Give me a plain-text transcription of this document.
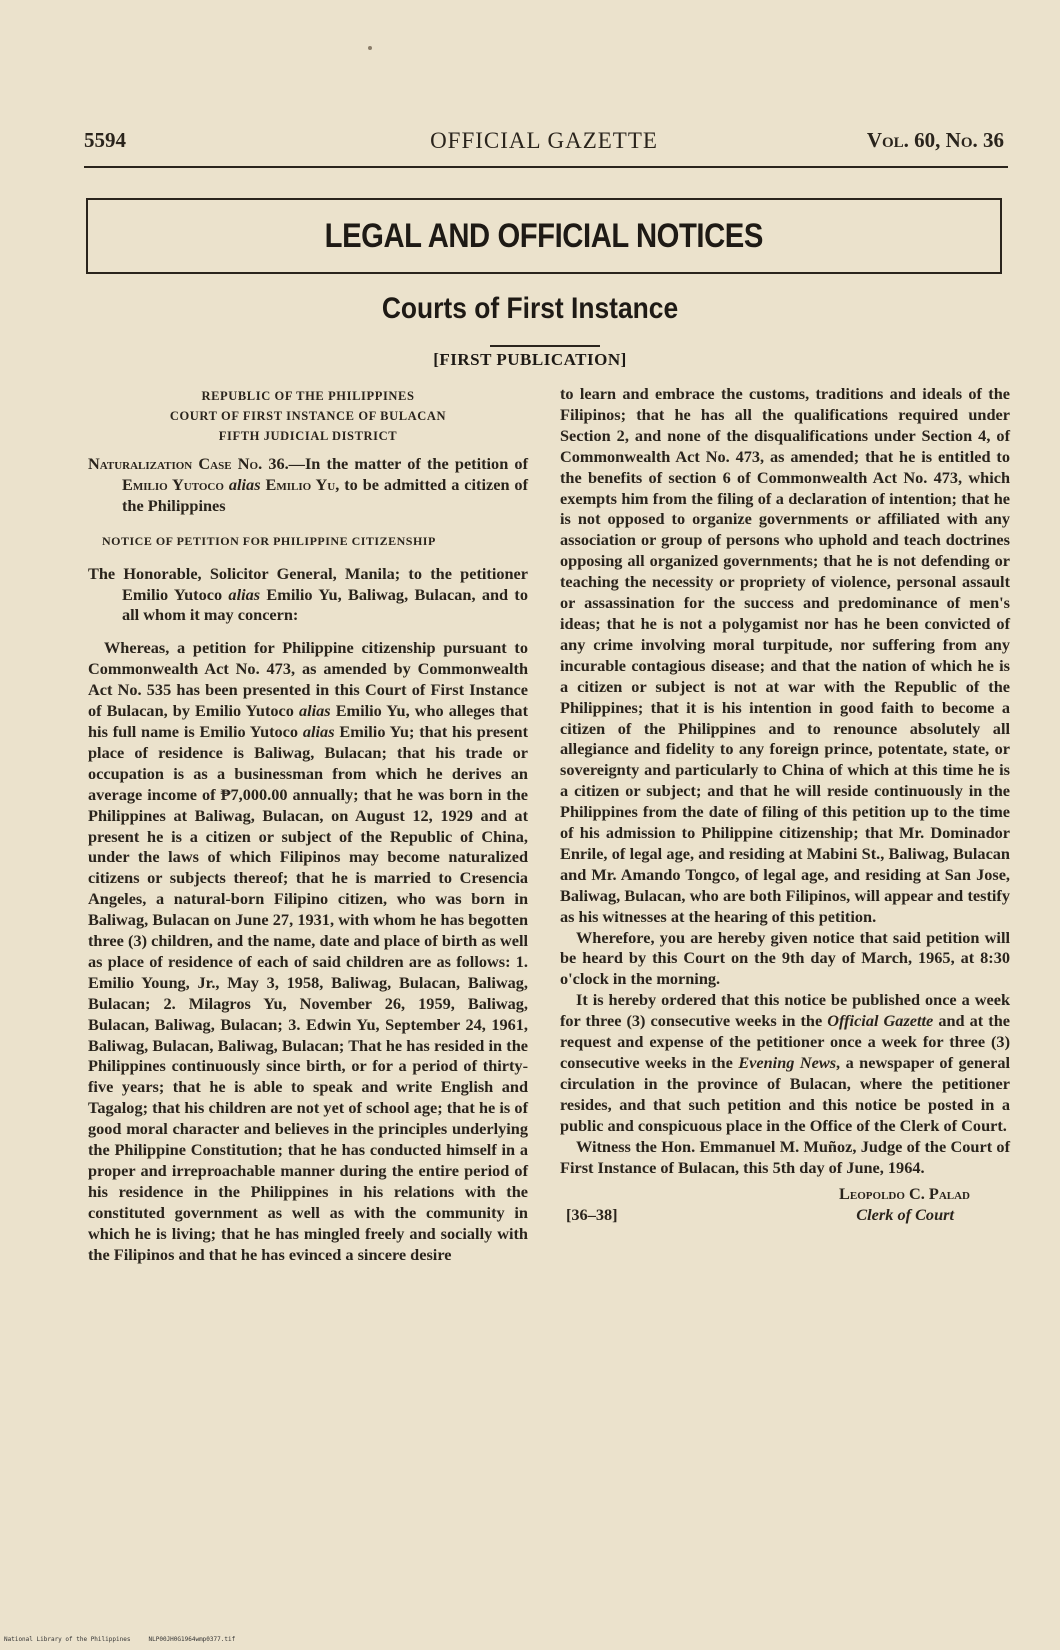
5594	OFFICIAL GAZETTE	Vol. 60, No. 36
LEGAL AND OFFICIAL NOTICES
Courts of First Instance
[FIRST PUBLICATION]
REPUBLIC OF THE PHILIPPINES
COURT OF FIRST INSTANCE OF BULACAN
FIFTH JUDICIAL DISTRICT

Naturalization Case No. 36.—In the matter of the petition of Emilio Yutoco alias Emilio Yu, to be admitted a citizen of the Philippines

NOTICE OF PETITION FOR PHILIPPINE CITIZENSHIP

The Honorable, Solicitor General, Manila; to the petitioner Emilio Yutoco alias Emilio Yu, Baliwag, Bulacan, and to all whom it may concern:

Whereas, a petition for Philippine citizenship pursuant to Commonwealth Act No. 473, as amended by Commonwealth Act No. 535 has been presented in this Court of First Instance of Bulacan, by Emilio Yutoco alias Emilio Yu, who alleges that his full name is Emilio Yutoco alias Emilio Yu; that his present place of residence is Baliwag, Bulacan; that his trade or occupation is as a businessman from which he derives an average income of ₱7,000.00 annually; that he was born in the Philippines at Baliwag, Bulacan, on August 12, 1929 and at present he is a citizen or subject of the Republic of China, under the laws of which Filipinos may become naturalized citizens or subjects thereof; that he is married to Cresencia Angeles, a natural-born Filipino citizen, who was born in Baliwag, Bulacan on June 27, 1931, with whom he has begotten three (3) children, and the name, date and place of birth as well as place of residence of each of said children are as follows: 1. Emilio Young, Jr., May 3, 1958, Baliwag, Bulacan, Baliwag, Bulacan; 2. Milagros Yu, November 26, 1959, Baliwag, Bulacan, Baliwag, Bulacan; 3. Edwin Yu, September 24, 1961, Baliwag, Bulacan, Baliwag, Bulacan; That he has resided in the Philippines continuously since birth, or for a period of thirty-five years; that he is able to speak and write English and Tagalog; that his children are not yet of school age; that he is of good moral character and believes in the principles underlying the Philippine Constitution; that he has conducted himself in a proper and irreproachable manner during the entire period of his residence in the Philippines in his relations with the constituted government as well as with the community in which he is living; that he has mingled freely and socially with the Filipinos and that he has evinced a sincere desire

to learn and embrace the customs, traditions and ideals of the Filipinos; that he has all the qualifications required under Section 2, and none of the disqualifications under Section 4, of Commonwealth Act No. 473, as amended; that he is entitled to the benefits of section 6 of Commonwealth Act No. 473, which exempts him from the filing of a declaration of intention; that he is not opposed to organize governments or affiliated with any association or group of persons who uphold and teach doctrines opposing all organized governments; that he is not defending or teaching the necessity or propriety of violence, personal assault or assassination for the success and predominance of men's ideas; that he is not a polygamist nor has he been convicted of any crime involving moral turpitude, nor suffering from any incurable contagious disease; and that the nation of which he is a citizen or subject is not at war with the Republic of the Philippines; that it is his intention in good faith to become a citizen of the Philippines and to renounce absolutely all allegiance and fidelity to any foreign prince, potentate, state, or sovereignty and particularly to China of which at this time he is a citizen or subject; and that he will reside continuously in the Philippines from the date of filing of this petition up to the time of his admission to Philippine citizenship; that Mr. Dominador Enrile, of legal age, and residing at Mabini St., Baliwag, Bulacan and Mr. Amando Tongco, of legal age, and residing at San Jose, Baliwag, Bulacan, who are both Filipinos, will appear and testify as his witnesses at the hearing of this petition.

Wherefore, you are hereby given notice that said petition will be heard by this Court on the 9th day of March, 1965, at 8:30 o'clock in the morning.

It is hereby ordered that this notice be published once a week for three (3) consecutive weeks in the Official Gazette and at the request and expense of the petitioner once a week for three (3) consecutive weeks in the Evening News, a newspaper of general circulation in the province of Bulacan, where the petitioner resides, and that such petition and this notice be posted in a public and conspicuous place in the Office of the Clerk of Court.

Witness the Hon. Emmanuel M. Muñoz, Judge of the Court of First Instance of Bulacan, this 5th day of June, 1964.

Leopoldo C. Palad
[36–38]	Clerk of Court
National Library of the Philippines     NLP00JH0G1964wmp0377.tif
